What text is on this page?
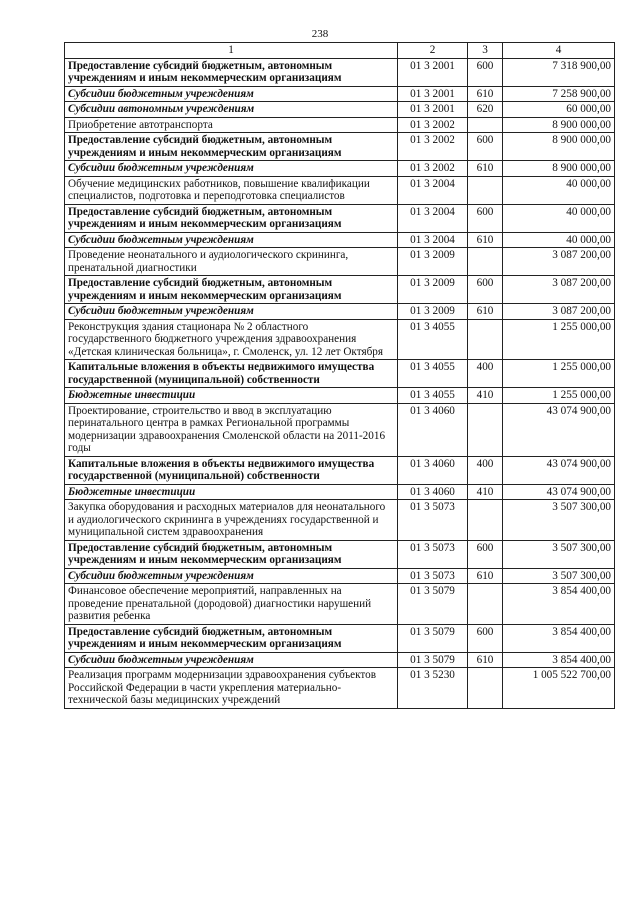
238
1	2	3	4
Предоставление субсидий бюджетным, автономным учреждениям и иным некоммерческим организациям	01 3 2001	600	7 318 900,00
Субсидии бюджетным учреждениям	01 3 2001	610	7 258 900,00
Субсидии автономным учреждениям	01 3 2001	620	60 000,00
Приобретение автотранспорта	01 3 2002		8 900 000,00
Предоставление субсидий бюджетным, автономным учреждениям и иным некоммерческим организациям	01 3 2002	600	8 900 000,00
Субсидии бюджетным учреждениям	01 3 2002	610	8 900 000,00
Обучение медицинских работников, повышение квалификации специалистов, подготовка и переподготовка специалистов	01 3 2004		40 000,00
Предоставление субсидий бюджетным, автономным учреждениям и иным некоммерческим организациям	01 3 2004	600	40 000,00
Субсидии бюджетным учреждениям	01 3 2004	610	40 000,00
Проведение неонатального и аудиологического скрининга, пренатальной диагностики	01 3 2009		3 087 200,00
Предоставление субсидий бюджетным, автономным учреждениям и иным некоммерческим организациям	01 3 2009	600	3 087 200,00
Субсидии бюджетным учреждениям	01 3 2009	610	3 087 200,00
Реконструкция здания стационара № 2 областного государственного бюджетного учреждения здравоохранения «Детская клиническая больница», г. Смоленск, ул. 12 лет Октября	01 3 4055		1 255 000,00
Капитальные вложения в объекты недвижимого имущества государственной (муниципальной) собственности	01 3 4055	400	1 255 000,00
Бюджетные инвестиции	01 3 4055	410	1 255 000,00
Проектирование, строительство и ввод в эксплуатацию перинатального центра в рамках Региональной программы модернизации здравоохранения Смоленской области на 2011-2016 годы	01 3 4060		43 074 900,00
Капитальные вложения в объекты недвижимого имущества государственной (муниципальной) собственности	01 3 4060	400	43 074 900,00
Бюджетные инвестиции	01 3 4060	410	43 074 900,00
Закупка оборудования и расходных материалов для неонатального и аудиологического скрининга в учреждениях государственной и муниципальной систем здравоохранения	01 3 5073		3 507 300,00
Предоставление субсидий бюджетным, автономным учреждениям и иным некоммерческим организациям	01 3 5073	600	3 507 300,00
Субсидии бюджетным учреждениям	01 3 5073	610	3 507 300,00
Финансовое обеспечение мероприятий, направленных на проведение пренатальной (дородовой) диагностики нарушений развития ребенка	01 3 5079		3 854 400,00
Предоставление субсидий бюджетным, автономным учреждениям и иным некоммерческим организациям	01 3 5079	600	3 854 400,00
Субсидии бюджетным учреждениям	01 3 5079	610	3 854 400,00
Реализация программ модернизации здравоохранения субъектов Российской Федерации в части укрепления материально-технической базы медицинских учреждений	01 3 5230		1 005 522 700,00
